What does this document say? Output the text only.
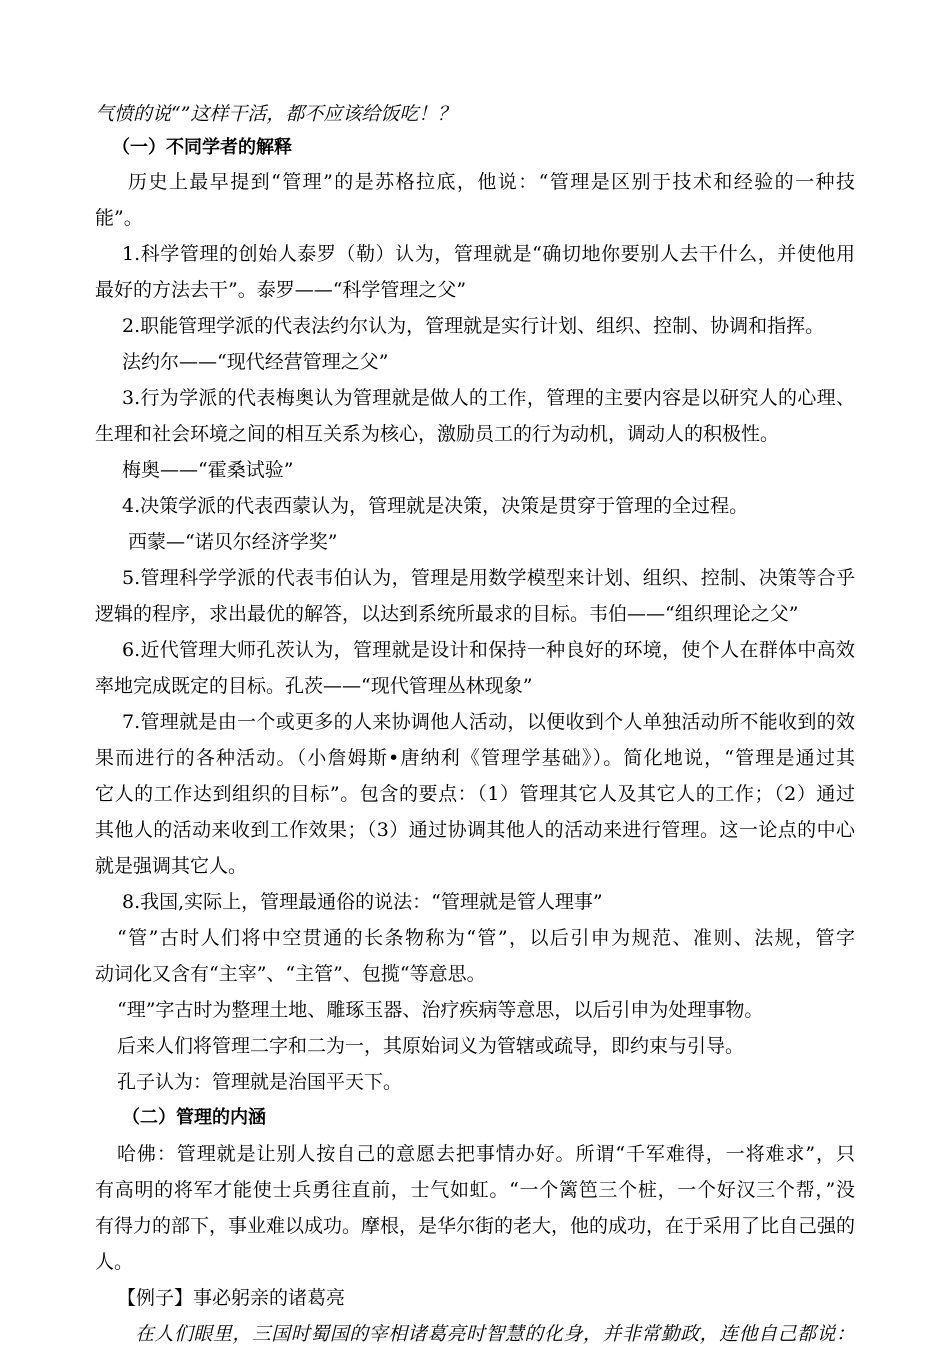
气愤的说“”这样干活，都不应该给饭吃！？
（一）不同学者的解释
历史上最早提到“管理”的是苏格拉底，他说：“管理是区别于技术和经验的一种技
能”。
1.科学管理的创始人泰罗（勒）认为，管理就是“确切地你要别人去干什么，并使他用
最好的方法去干”。泰罗——“科学管理之父”
2.职能管理学派的代表法约尔认为，管理就是实行计划、组织、控制、协调和指挥。
法约尔——“现代经营管理之父”
3.行为学派的代表梅奥认为管理就是做人的工作，管理的主要内容是以研究人的心理、
生理和社会环境之间的相互关系为核心，激励员工的行为动机，调动人的积极性。
梅奥——“霍桑试验”
4.决策学派的代表西蒙认为，管理就是决策，决策是贯穿于管理的全过程。
西蒙—“诺贝尔经济学奖”
5.管理科学学派的代表韦伯认为，管理是用数学模型来计划、组织、控制、决策等合乎
逻辑的程序，求出最优的解答，以达到系统所最求的目标。韦伯——“组织理论之父”
6.近代管理大师孔茨认为，管理就是设计和保持一种良好的环境，使个人在群体中高效
率地完成既定的目标。孔茨——“现代管理丛林现象”
7.管理就是由一个或更多的人来协调他人活动，以便收到个人单独活动所不能收到的效
果而进行的各种活动。（小詹姆斯•唐纳利《管理学基础》）。简化地说，“管理是通过其
它人的工作达到组织的目标”。包含的要点：（1）管理其它人及其它人的工作；（2）通过
其他人的活动来收到工作效果；（3）通过协调其他人的活动来进行管理。这一论点的中心
就是强调其它人。
8.我国,实际上，管理最通俗的说法：“管理就是管人理事”
“管”古时人们将中空贯通的长条物称为“管”，以后引申为规范、准则、法规，管字
动词化又含有“主宰”、“主管”、包揽“等意思。
“理”字古时为整理土地、雕琢玉器、治疗疾病等意思，以后引申为处理事物。
后来人们将管理二字和二为一，其原始词义为管辖或疏导，即约束与引导。
孔子认为：管理就是治国平天下。
（二）管理的内涵
哈佛：管理就是让别人按自己的意愿去把事情办好。所谓“千军难得，一将难求”，只
有高明的将军才能使士兵勇往直前，士气如虹。“一个篱笆三个桩，一个好汉三个帮，”没
有得力的部下，事业难以成功。摩根，是华尔街的老大，他的成功，在于采用了比自己强的
人。
【例子】事必躬亲的诸葛亮
在人们眼里，三国时蜀国的宰相诸葛亮时智慧的化身，并非常勤政，连他自己都说：
